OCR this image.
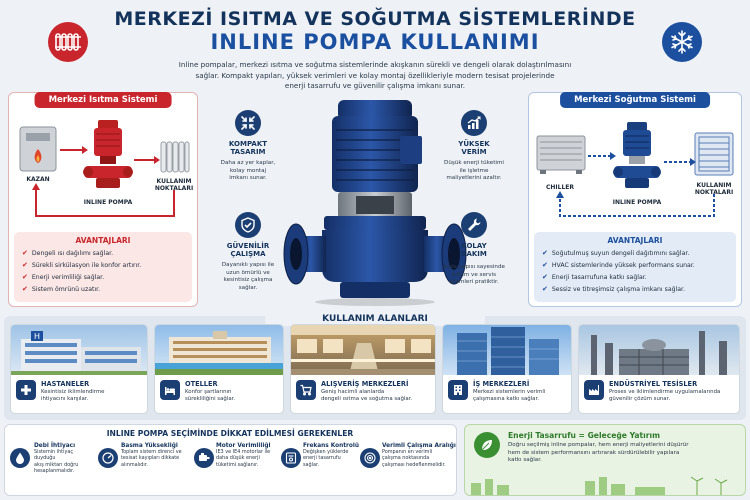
MERKEZİ ISITMA VE SOĞUTMA SİSTEMLERİNDE
INLINE POMPA KULLANIMI
Inline pompalar, merkezi ısıtma ve soğutma sistemlerinde akışkanın sürekli ve dengeli olarak dolaştırılmasını
sağlar. Kompakt yapıları, yüksek verimleri ve kolay montaj özellikleriyle modern tesisat projelerinde
enerji tasarrufu ve güvenilir çalışma imkanı sunar.
Merkezi Isıtma Sistemi
KAZAN
INLINE POMPA
KULLANIM
NOKTALARI
AVANTAJLARI
✔ Dengeli ısı dağılımı sağlar.
✔ Sürekli sirkülasyon ile konfor artırır.
✔ Enerji verimliliği sağlar.
✔ Sistem ömrünü uzatır.
Merkezi Soğutma Sistemi
CHILLER
INLINE POMPA
KULLANIM
NOKTALARI
AVANTAJLARI
✔ Soğutulmuş suyun dengeli dağıtımını sağlar.
✔ HVAC sistemlerinde yüksek performans sunar.
✔ Enerji tasarrufuna katkı sağlar.
✔ Sessiz ve titreşimsiz çalışma imkanı sağlar.
KOMPAKT
TASARIM
Daha az yer kaplar,
kolay montaj
imkanı sunar.
YÜKSEK
VERİM
Düşük enerji tüketimi
ile işletme
maliyetlerini azaltır.
GÜVENİLİR
ÇALIŞMA
Dayanıklı yapısı ile
uzun ömürlü ve
kesintisiz çalışma
sağlar.
KOLAY
BAKIM
Sade yapısı sayesinde
bakım ve servis
işlemleri pratiktir.
KULLANIM ALANLARI
H
HASTANELER
Kesintisiz iklimlendirme
ihtiyacını karşılar.
OTELLER
Konfor şartlarının
sürekliliğini sağlar.
ALIŞVERİŞ MERKEZLERİ
Geniş hacimli alanlarda
dengeli ısıtma ve soğutma sağlar.
İŞ MERKEZLERİ
Merkezi sistemlerin verimli
çalışmasına katkı sağlar.
ENDÜSTRİYEL TESİSLER
Proses ve iklimlendirme uygulamalarında
güvenilir çözüm sunar.
INLINE POMPA SEÇİMİNDE DİKKAT EDİLMESİ GEREKENLER
Debi İhtiyacı
Sistemin ihtiyaç duyduğu
akış miktarı doğru
hesaplanmalıdır.
Basma Yüksekliği
Toplam sistem direnci ve
tesisat kayıpları dikkate
alınmalıdır.
Motor Verimliliği
IE3 ve IE4 motorlar ile
daha düşük enerji
tüketimi sağlanır.
Frekans Kontrolü
Değişken yüklerde
enerji tasarrufu
sağlar.
Verimli Çalışma Aralığı
Pompanın en verimli
çalışma noktasında
çalışması hedeflenmelidir.
Enerji Tasarrufu = Geleceğe Yatırım
Doğru seçilmiş inline pompalar, hem enerji maliyetlerini düşürür
hem de sistem performansını artırarak sürdürülebilir yapılara
katkı sağlar.
